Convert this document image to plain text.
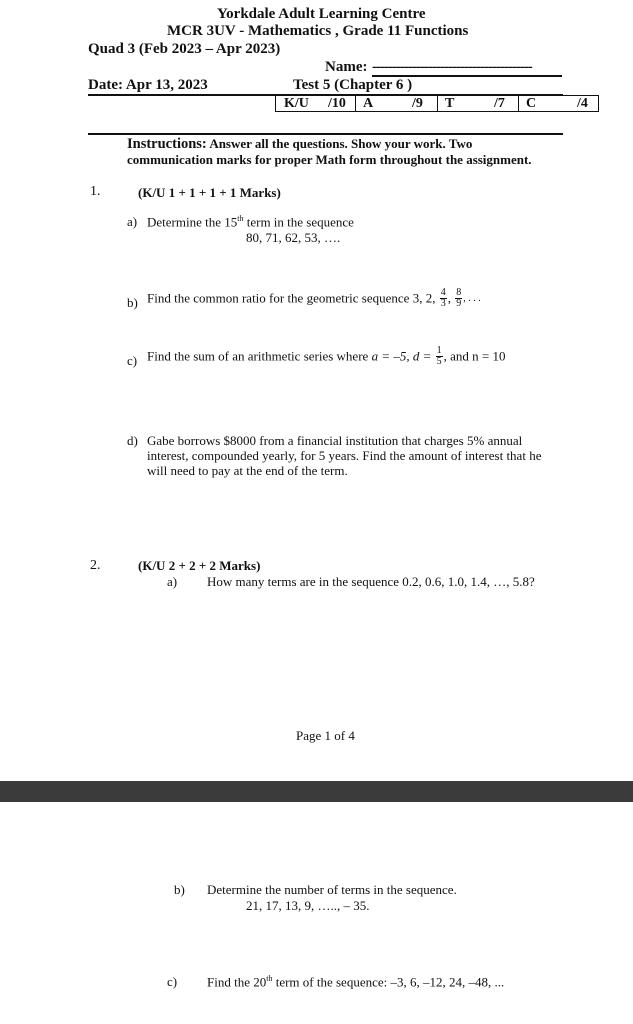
Yorkdale Adult Learning Centre
MCR 3UV - Mathematics , Grade 11 Functions
Quad 3 (Feb 2023 – Apr 2023)
Name: ----------------------------------------
Date: Apr 13, 2023	Test 5 (Chapter 6 )
K/U /10 A	/9 T	/7 C	/4
Instructions: Answer all the questions. Show your work. Two communication marks for proper Math form throughout the assignment.
1.	(K/U 1 + 1 + 1 + 1 Marks)
a) Determine the 15th term in the sequence
80, 71, 62, 53, ….
b) Find the common ratio for the geometric sequence 3, 2, $\frac{4}{3}$ , $\frac{8}{9}$ , . . .
c) Find the sum of an arithmetic series where a = –5, $d = \frac{1}{5}$ , and n = 10
d) Gabe borrows $8000 from a financial institution that charges 5% annual
interest, compounded yearly, for 5 years. Find the amount of interest that he
will need to pay at the end of the term.
2.	(K/U 2 + 2 + 2 Marks)
a) How many terms are in the sequence 0.2, 0.6, 1.0, 1.4, …, 5.8?
Page 1 of 4
b) Determine the number of terms in the sequence.
21, 17, 13, 9, ….., – 35.
c) Find the 20th term of the sequence: –3, 6, –12, 24, –48, ...
